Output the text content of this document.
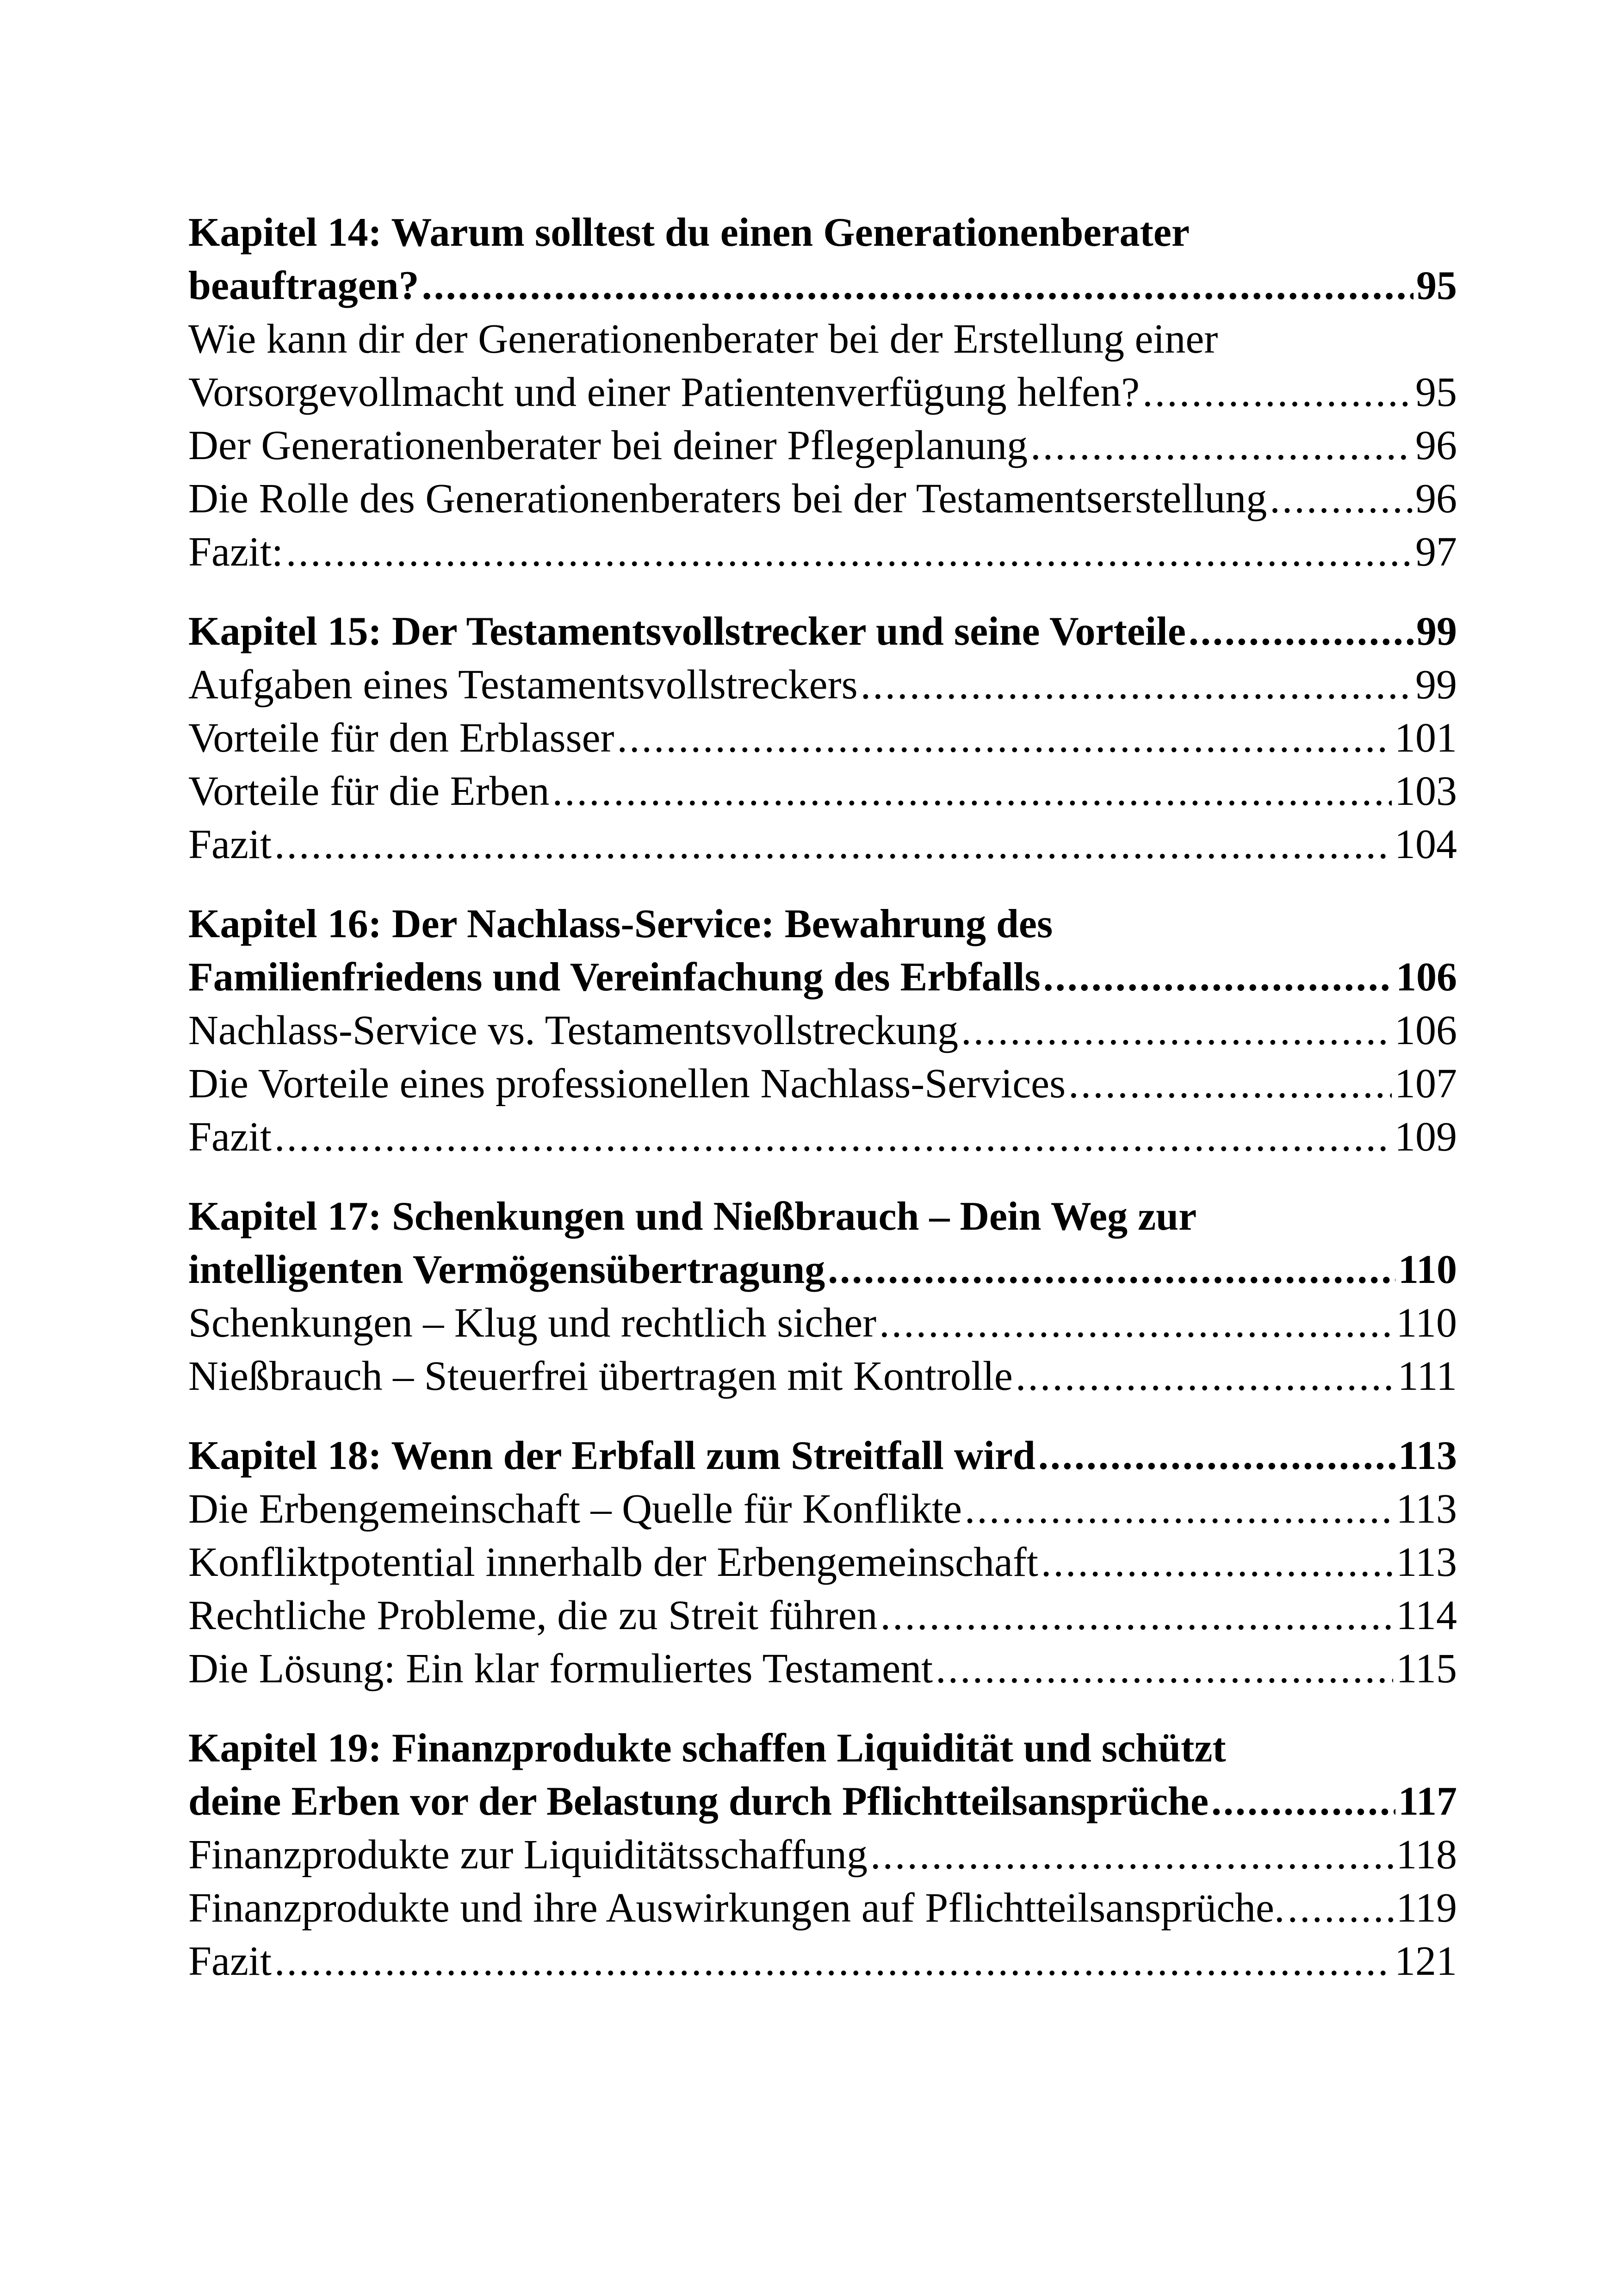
Kapitel 14: Warum solltest du einen Generationenberater
beauftragen? .....	95
Wie kann dir der Generationenberater bei der Erstellung einer
Vorsorgevollmacht und einer Patientenverfügung helfen? .....	95
Der Generationenberater bei deiner Pflegeplanung .....	96
Die Rolle des Generationenberaters bei der Testamentserstellung .....	96
Fazit: .....	97
Kapitel 15: Der Testamentsvollstrecker und seine Vorteile .....	99
Aufgaben eines Testamentsvollstreckers .....	99
Vorteile für den Erblasser .....	101
Vorteile für die Erben .....	103
Fazit .....	104
Kapitel 16: Der Nachlass-Service: Bewahrung des
Familienfriedens und Vereinfachung des Erbfalls .....	106
Nachlass-Service vs. Testamentsvollstreckung .....	106
Die Vorteile eines professionellen Nachlass-Services .....	107
Fazit .....	109
Kapitel 17: Schenkungen und Nießbrauch – Dein Weg zur
intelligenten Vermögensübertragung .....	110
Schenkungen – Klug und rechtlich sicher .....	110
Nießbrauch – Steuerfrei übertragen mit Kontrolle .....	111
Kapitel 18: Wenn der Erbfall zum Streitfall wird .....	113
Die Erbengemeinschaft – Quelle für Konflikte .....	113
Konfliktpotential innerhalb der Erbengemeinschaft .....	113
Rechtliche Probleme, die zu Streit führen .....	114
Die Lösung: Ein klar formuliertes Testament .....	115
Kapitel 19: Finanzprodukte schaffen Liquidität und schützt
deine Erben vor der Belastung durch Pflichtteilsansprüche .....	117
Finanzprodukte zur Liquiditätsschaffung .....	118
Finanzprodukte und ihre Auswirkungen auf Pflichtteilsansprüche. .....	119
Fazit .....	121
